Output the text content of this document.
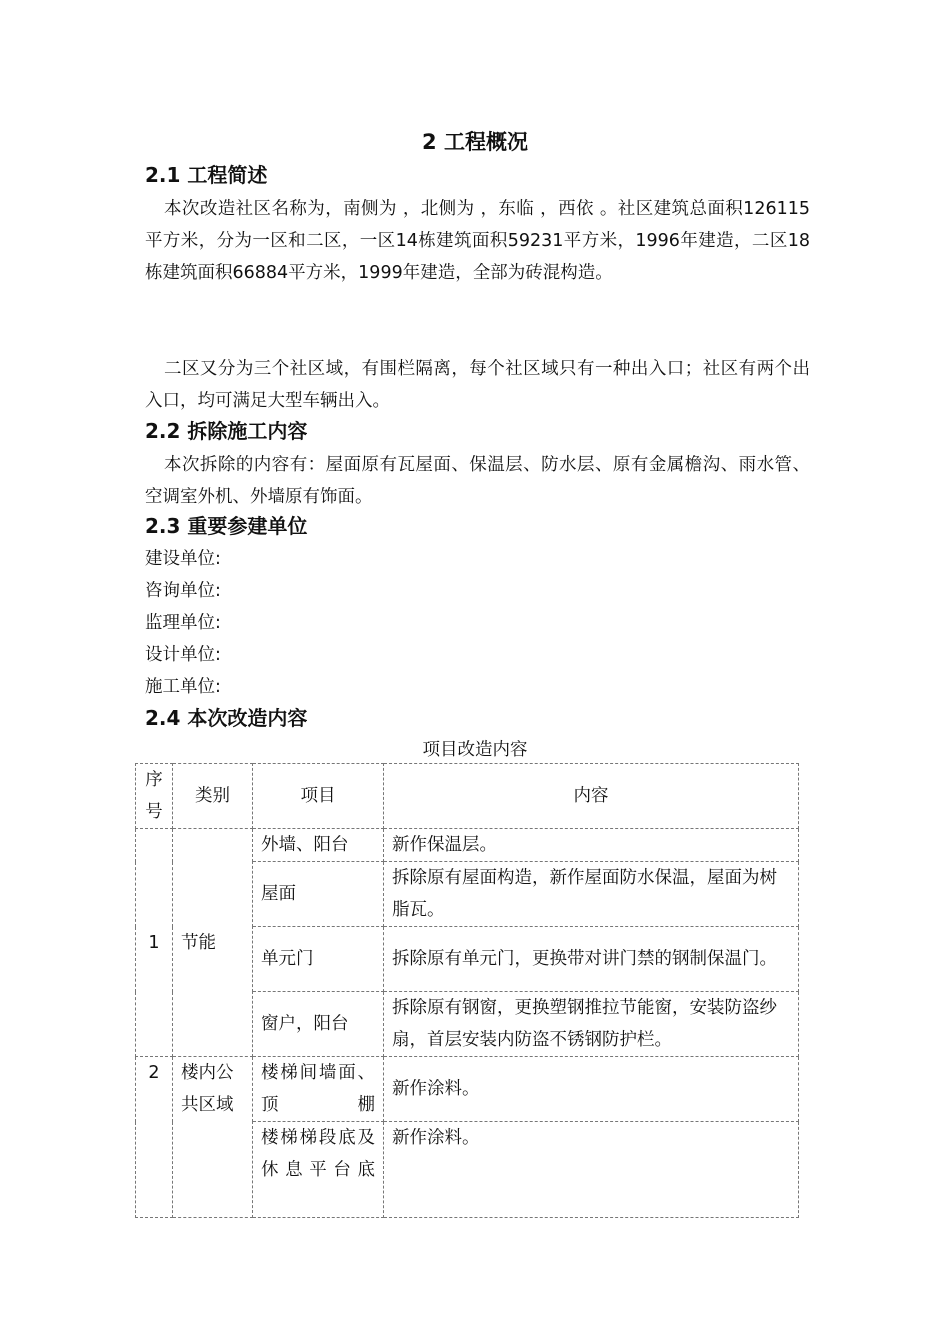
2 工程概况
2.1 工程简述

本次改造社区名称为，南侧为 ，北侧为 ，东临 ，西依 。社区建筑总面积126115平方米，分为一区和二区，一区14栋建筑面积59231平方米，1996年建造，二区18栋建筑面积66884平方米，1999年建造，全部为砖混构造。

二区又分为三个社区域，有围栏隔离，每个社区域只有一种出入口；社区有两个出入口，均可满足大型车辆出入。

2.2 拆除施工内容

本次拆除的内容有：屋面原有瓦屋面、保温层、防水层、原有金属檐沟、雨水管、空调室外机、外墙原有饰面。

2.3 重要参建单位
建设单位:
咨询单位:
监理单位:
设计单位:
施工单位:
2.4 本次改造内容
项目改造内容
序号	类别	项目	内容
1	节能	外墙、阳台	新作保温层。
		屋面	拆除原有屋面构造，新作屋面防水保温，屋面为树脂瓦。
		单元门	拆除原有单元门，更换带对讲门禁的钢制保温门。
		窗户，阳台	拆除原有钢窗，更换塑钢推拉节能窗，安装防盗纱扇，首层安装内防盗不锈钢防护栏。
2	楼内公共区域	楼梯间墙面、顶棚	新作涂料。
		楼梯梯段底及休息平台底	新作涂料。
